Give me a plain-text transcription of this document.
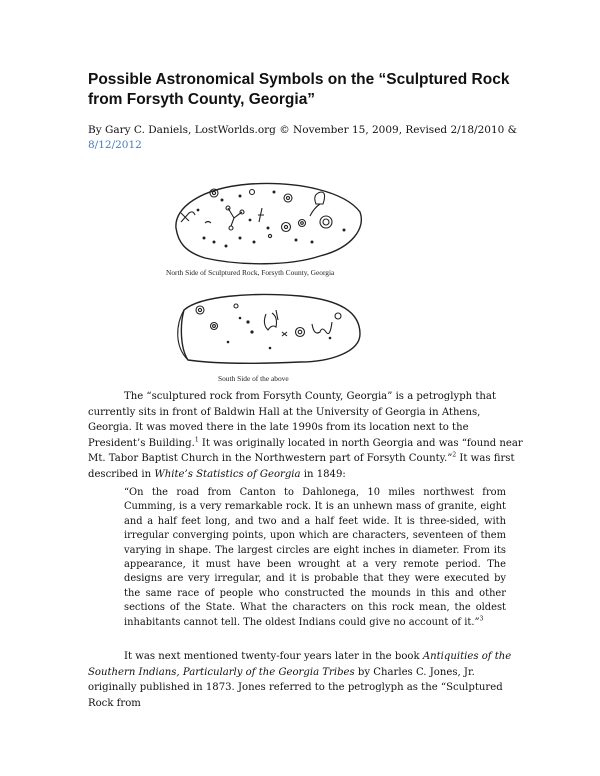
Possible Astronomical Symbols on the “Sculptured Rock from Forsyth County, Georgia”

By Gary C. Daniels, LostWorlds.org © November 15, 2009, Revised 2/18/2010 & 8/12/2012

North Side of Sculptured Rock, Forsyth County, Georgia
South Side of the above

The “sculptured rock from Forsyth County, Georgia” is a petroglyph that currently sits in front of Baldwin Hall at the University of Georgia in Athens, Georgia. It was moved there in the late 1990s from its location next to the President’s Building.$^1$ It was originally located in north Georgia and was “found near Mt. Tabor Baptist Church in the Northwestern part of Forsyth County.”$^2$ It was first described in White’s Statistics of Georgia in 1849:

“On the road from Canton to Dahlonega, 10 miles northwest from Cumming, is a very remarkable rock. It is an unhewn mass of granite, eight and a half feet long, and two and a half feet wide. It is three-sided, with irregular converging points, upon which are characters, seventeen of them varying in shape. The largest circles are eight inches in diameter. From its appearance, it must have been wrought at a very remote period. The designs are very irregular, and it is probable that they were executed by the same race of people who constructed the mounds in this and other sections of the State. What the characters on this rock mean, the oldest inhabitants cannot tell. The oldest Indians could give no account of it.”$^3$

It was next mentioned twenty-four years later in the book Antiquities of the Southern Indians, Particularly of the Georgia Tribes by Charles C. Jones, Jr. originally published in 1873. Jones referred to the petroglyph as the “Sculptured Rock from
